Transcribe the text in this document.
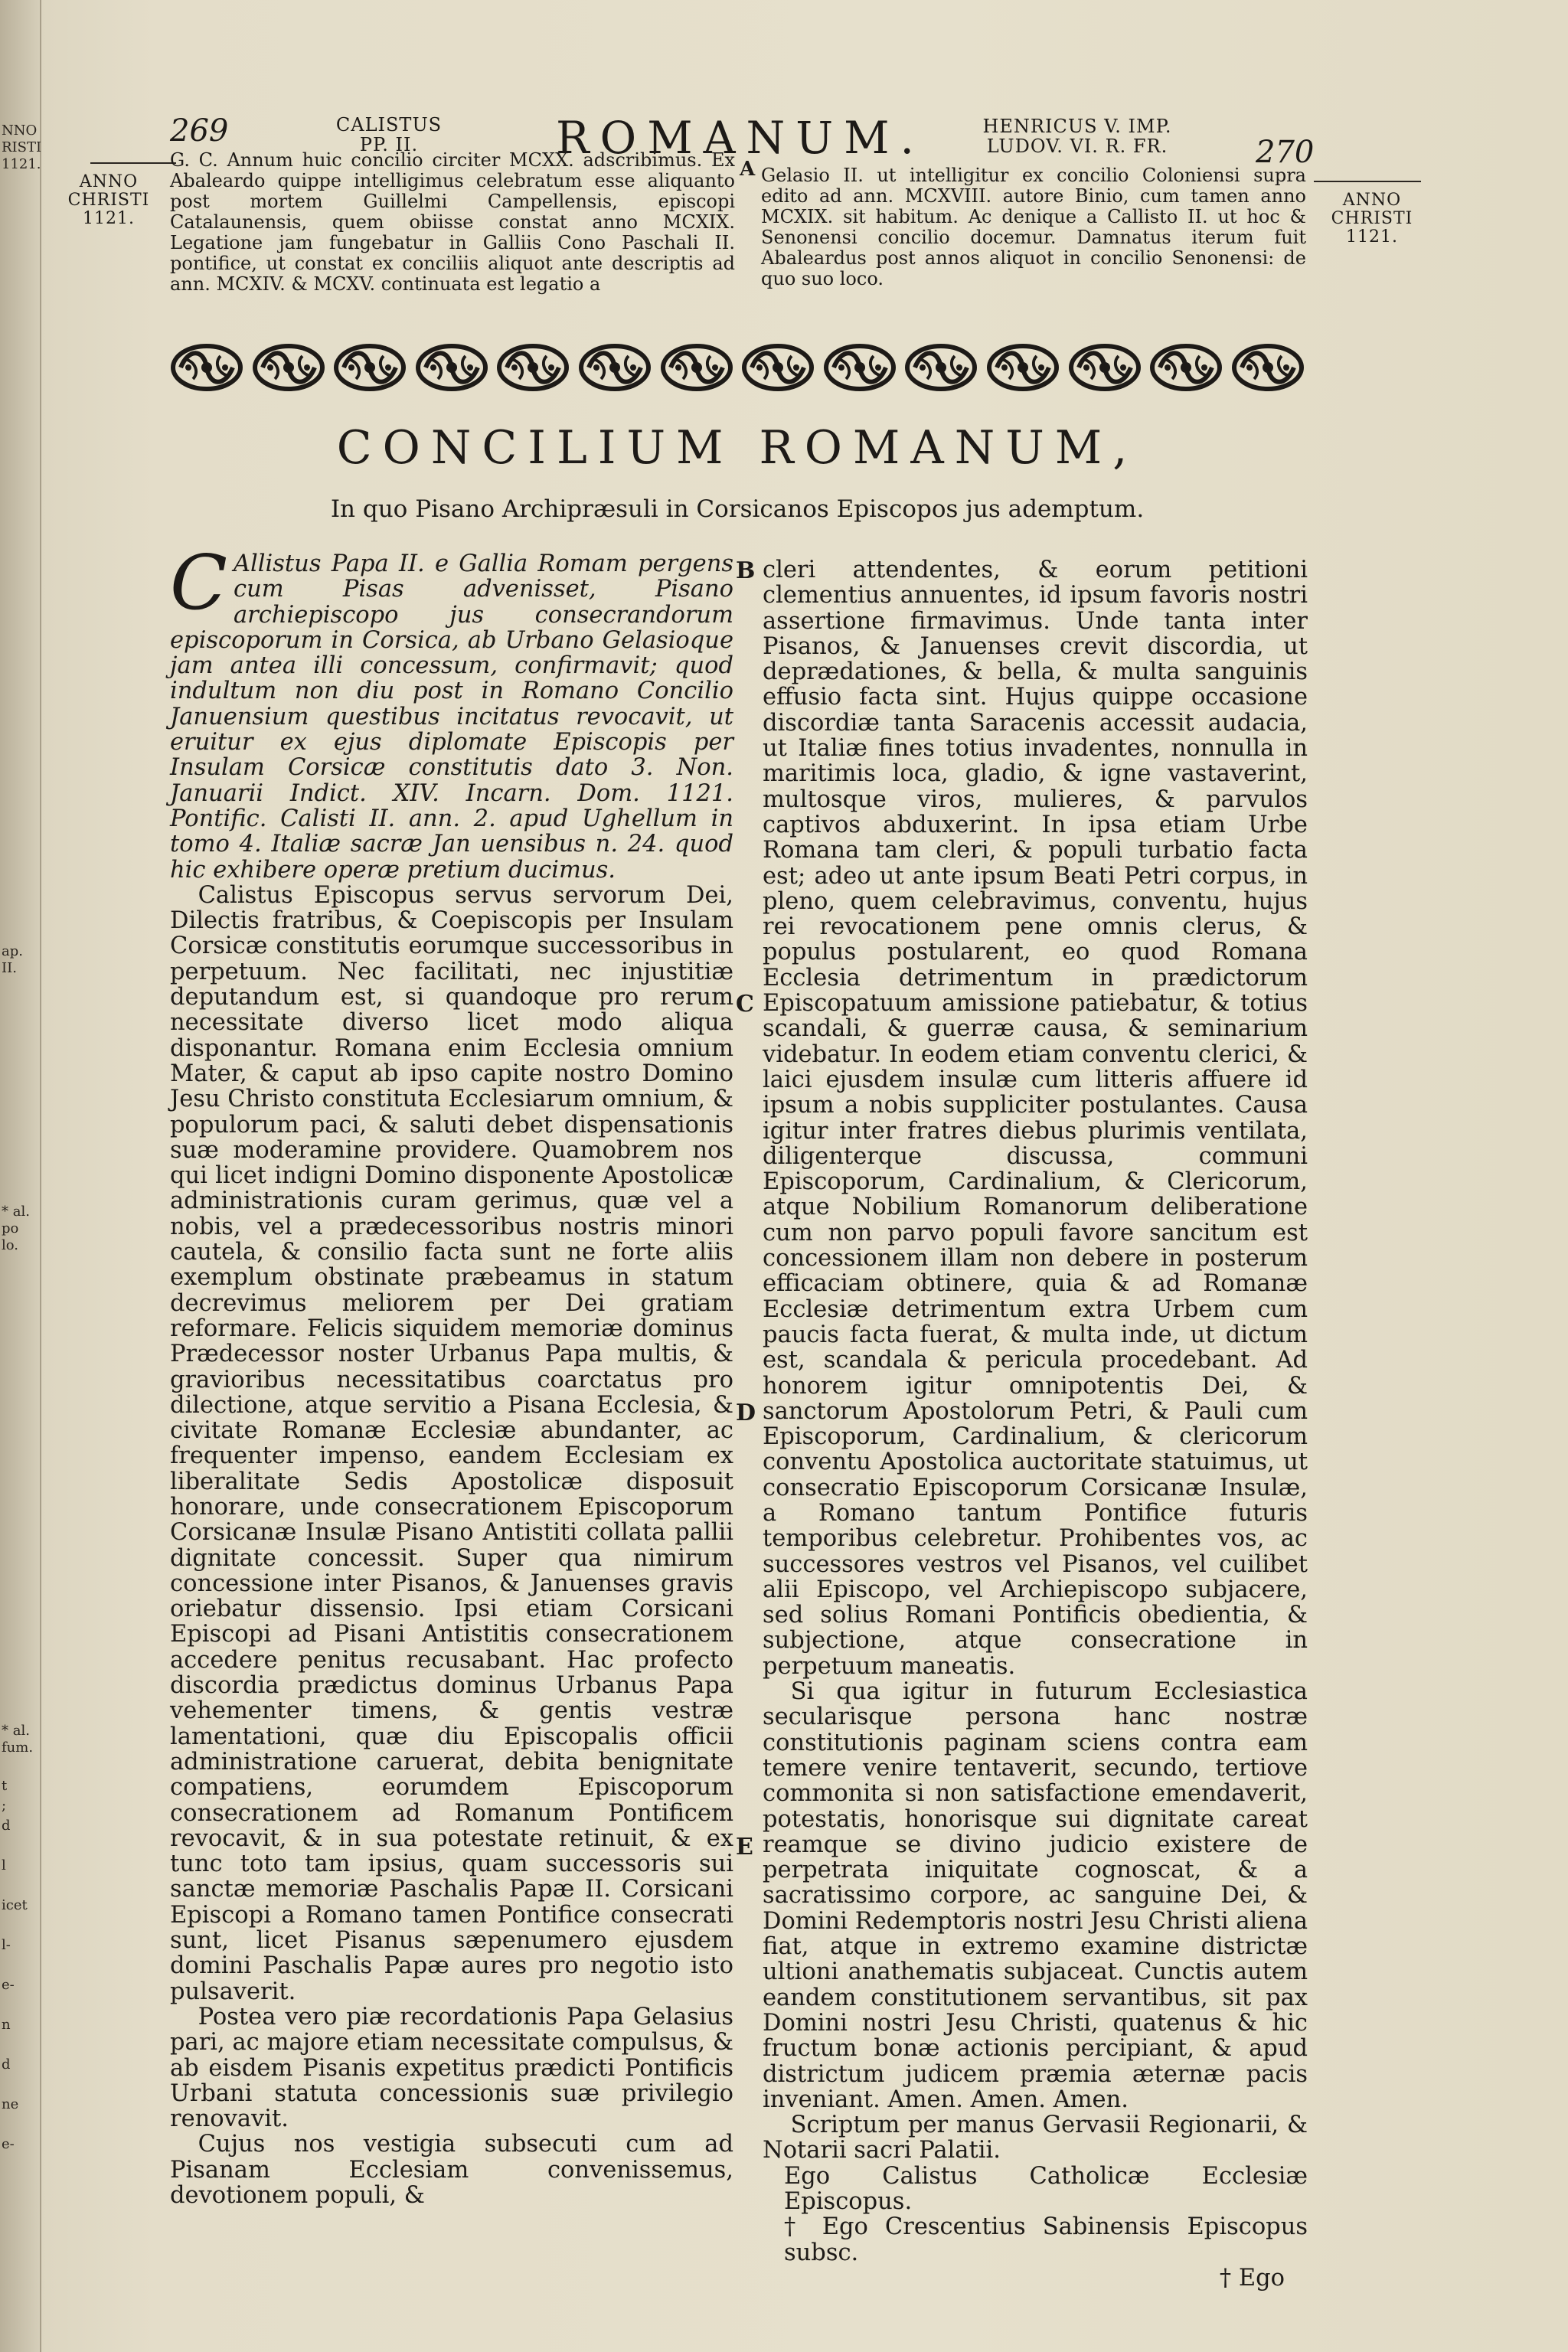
NNO
RISTI
1121.
ap. II.
* al. po
lo.
* al.
fum.
t
;
d

l

icet

l-

e-

n

d

ne

e-
269	CALISTUS
PP. II.	ROMANUM.	HENRICUS V. IMP.
LUDOV. VI. R. FR.	270
ANNO
CHRISTI
1121.
ANNO
CHRISTI
1121.
G. C. Annum huic concilio circiter MCXX. adscribimus. Ex Abaleardo quippe intelligimus celebratum esse aliquanto post mortem Guillelmi Campellensis, episcopi Catalaunensis, quem obiisse constat anno MCXIX. Legatione jam fungebatur in Galliis Cono Paschali II. pontifice, ut constat ex conciliis aliquot ante descriptis ad ann. MCXIV. & MCXV. continuata est legatio a
A Gelasio II. ut intelligitur ex concilio Coloniensi supra edito ad ann. MCXVIII. autore Binio, cum tamen anno MCXIX. sit habitum. Ac denique a Callisto II. ut hoc & Senonensi concilio docemur. Damnatus iterum fuit Abaleardus post annos aliquot in concilio Senonensi: de quo suo loco.
CONCILIUM ROMANUM,
In quo Pisano Archipræsuli in Corsicanos Episcopos jus ademptum.
B
C
D
E

C Allistus Papa II. e Gallia Romam pergens cum Pisas advenisset, Pisano archiepiscopo jus consecrandorum episcoporum in Corsica, ab Urbano Gelasioque jam antea illi concessum, confirmavit; quod indultum non diu post in Romano Concilio Januensium questibus incitatus revocavit, ut eruitur ex ejus diplomate Episcopis per Insulam Corsicæ constitutis dato 3. Non. Januarii Indict. XIV. Incarn. Dom. 1121. Pontific. Calisti II. ann. 2. apud Ughellum in tomo 4. Italiæ sacræ Jan uensibus n. 24. quod hic exhibere operæ pretium ducimus.

Calistus Episcopus servus servorum Dei, Dilectis fratribus, & Coepiscopis per Insulam Corsicæ constitutis eorumque successoribus in perpetuum. Nec facilitati, nec injustitiæ deputandum est, si quandoque pro rerum necessitate diverso licet modo aliqua disponantur. Romana enim Ecclesia omnium Mater, & caput ab ipso capite nostro Domino Jesu Christo constituta Ecclesiarum omnium, & populorum paci, & saluti debet dispensationis suæ moderamine providere. Quamobrem nos qui licet indigni Domino disponente Apostolicæ administrationis curam gerimus, quæ vel a nobis, vel a prædecessoribus nostris minori cautela, & consilio facta sunt ne forte aliis exemplum obstinate præbeamus in statum decrevimus meliorem per Dei gratiam reformare. Felicis siquidem memoriæ dominus Prædecessor noster Urbanus Papa multis, & gravioribus necessitatibus coarctatus pro dilectione, atque servitio a Pisana Ecclesia, & civitate Romanæ Ecclesiæ abundanter, ac frequenter impenso, eandem Ecclesiam ex liberalitate Sedis Apostolicæ disposuit honorare, unde consecrationem Episcoporum Corsicanæ Insulæ Pisano Antistiti collata pallii dignitate concessit. Super qua nimirum concessione inter Pisanos, & Januenses gravis oriebatur dissensio. Ipsi etiam Corsicani Episcopi ad Pisani Antistitis consecrationem accedere penitus recusabant. Hac profecto discordia prædictus dominus Urbanus Papa vehementer timens, & gentis vestræ lamentationi, quæ diu Episcopalis officii administratione caruerat, debita benignitate compatiens, eorumdem Episcoporum consecrationem ad Romanum Pontificem revocavit, & in sua potestate retinuit, & ex tunc toto tam ipsius, quam successoris sui sanctæ memoriæ Paschalis Papæ II. Corsicani Episcopi a Romano tamen Pontifice consecrati sunt, licet Pisanus sæpenumero ejusdem domini Paschalis Papæ aures pro negotio isto pulsaverit.

Postea vero piæ recordationis Papa Gelasius pari, ac majore etiam necessitate compulsus, & ab eisdem Pisanis expetitus prædicti Pontificis Urbani statuta concessionis suæ privilegio renovavit.

Cujus nos vestigia subsecuti cum ad Pisanam Ecclesiam convenissemus, devotionem populi, &

cleri attendentes, & eorum petitioni clementius annuentes, id ipsum favoris nostri assertione firmavimus. Unde tanta inter Pisanos, & Januenses crevit discordia, ut deprædationes, & bella, & multa sanguinis effusio facta sint. Hujus quippe occasione discordiæ tanta Saracenis accessit audacia, ut Italiæ fines totius invadentes, nonnulla in maritimis loca, gladio, & igne vastaverint, multosque viros, mulieres, & parvulos captivos abduxerint. In ipsa etiam Urbe Romana tam cleri, & populi turbatio facta est; adeo ut ante ipsum Beati Petri corpus, in pleno, quem celebravimus, conventu, hujus rei revocationem pene omnis clerus, & populus postularent, eo quod Romana Ecclesia detrimentum in prædictorum Episcopatuum amissione patiebatur, & totius scandali, & guerræ causa, & seminarium videbatur. In eodem etiam conventu clerici, & laici ejusdem insulæ cum litteris affuere id ipsum a nobis suppliciter postulantes. Causa igitur inter fratres diebus plurimis ventilata, diligenterque discussa, communi Episcoporum, Cardinalium, & Clericorum, atque Nobilium Romanorum deliberatione cum non parvo populi favore sancitum est concessionem illam non debere in posterum efficaciam obtinere, quia & ad Romanæ Ecclesiæ detrimentum extra Urbem cum paucis facta fuerat, & multa inde, ut dictum est, scandala & pericula procedebant. Ad honorem igitur omnipotentis Dei, & sanctorum Apostolorum Petri, & Pauli cum Episcoporum, Cardinalium, & clericorum conventu Apostolica auctoritate statuimus, ut consecratio Episcoporum Corsicanæ Insulæ, a Romano tantum Pontifice futuris temporibus celebretur. Prohibentes vos, ac successores vestros vel Pisanos, vel cuilibet alii Episcopo, vel Archiepiscopo subjacere, sed solius Romani Pontificis obedientia, & subjectione, atque consecratione in perpetuum maneatis.

Si qua igitur in futurum Ecclesiastica secularisque persona hanc nostræ constitutionis paginam sciens contra eam temere venire tentaverit, secundo, tertiove commonita si non satisfactione emendaverit, potestatis, honorisque sui dignitate careat reamque se divino judicio existere de perpetrata iniquitate cognoscat, & a sacratissimo corpore, ac sanguine Dei, & Domini Redemptoris nostri Jesu Christi aliena fiat, atque in extremo examine districtæ ultioni anathematis subjaceat. Cunctis autem eandem constitutionem servantibus, sit pax Domini nostri Jesu Christi, quatenus & hic fructum bonæ actionis percipiant, & apud districtum judicem præmia æternæ pacis inveniant. Amen. Amen. Amen.

Scriptum per manus Gervasii Regionarii, & Notarii sacri Palatii.

Ego Calistus Catholicæ Ecclesiæ Episcopus.
† Ego Crescentius Sabinensis Episcopus subsc.
† Ego
